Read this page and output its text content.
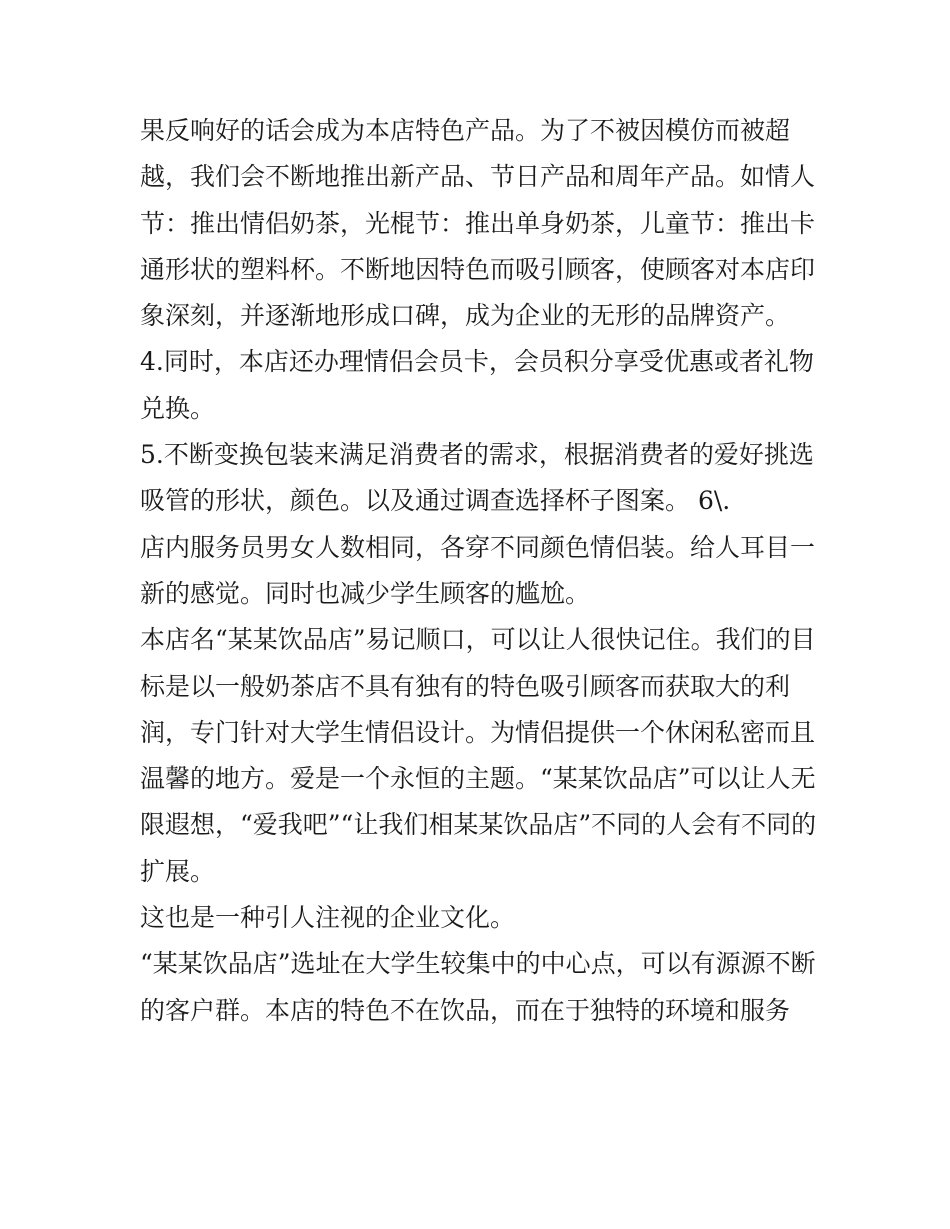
果反响好的话会成为本店特色产品。为了不被因模仿而被超
越，我们会不断地推出新产品、节日产品和周年产品。如情人
节：推出情侣奶茶，光棍节：推出单身奶茶，儿童节：推出卡
通形状的塑料杯。不断地因特色而吸引顾客，使顾客对本店印
象深刻，并逐渐地形成口碑，成为企业的无形的品牌资产。
4.同时，本店还办理情侣会员卡，会员积分享受优惠或者礼物
兑换。
5.不断变换包装来满足消费者的需求，根据消费者的爱好挑选
吸管的形状，颜色。以及通过调查选择杯子图案。 6\.
店内服务员男女人数相同，各穿不同颜色情侣装。给人耳目一
新的感觉。同时也减少学生顾客的尴尬。
本店名“某某饮品店”易记顺口，可以让人很快记住。我们的目
标是以一般奶茶店不具有独有的特色吸引顾客而获取大的利
润，专门针对大学生情侣设计。为情侣提供一个休闲私密而且
温馨的地方。爱是一个永恒的主题。“某某饮品店”可以让人无
限遐想，“爱我吧”“让我们相某某饮品店”不同的人会有不同的
扩展。
这也是一种引人注视的企业文化。
“某某饮品店”选址在大学生较集中的中心点，可以有源源不断
的客户群。本店的特色不在饮品，而在于独特的环境和服务
